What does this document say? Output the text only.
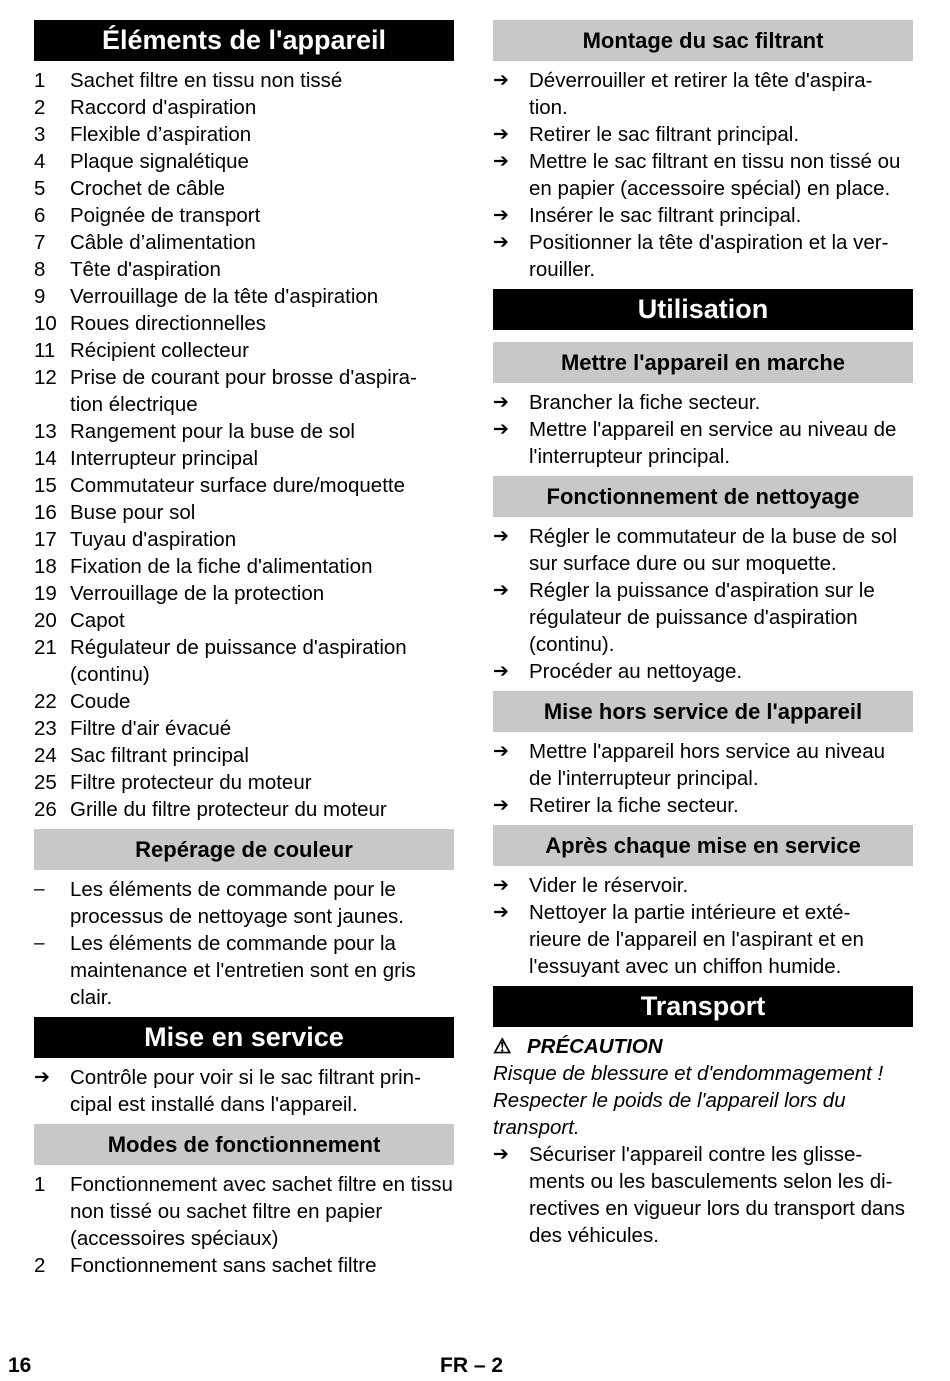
Éléments de l'appareil
1	Sachet filtre en tissu non tissé
2	Raccord d'aspiration
3	Flexible d’aspiration
4	Plaque signalétique
5	Crochet de câble
6	Poignée de transport
7	Câble d’alimentation
8	Tête d'aspiration
9	Verrouillage de la tête d'aspiration
10 Roues directionnelles
11 Récipient collecteur
12 Prise de courant pour brosse d'aspira-
tion électrique
13 Rangement pour la buse de sol
14 Interrupteur principal
15 Commutateur surface dure/moquette
16 Buse pour sol
17 Tuyau d'aspiration
18 Fixation de la fiche d'alimentation
19 Verrouillage de la protection
20 Capot
21 Régulateur de puissance d'aspiration
(continu)
22 Coude
23 Filtre d'air évacué
24 Sac filtrant principal
25 Filtre protecteur du moteur
26 Grille du filtre protecteur du moteur
Repérage de couleur
–	Les éléments de commande pour le processus de nettoyage sont jaunes.
–	Les éléments de commande pour la maintenance et l'entretien sont en gris clair.
Mise en service
➔ Contrôle pour voir si le sac filtrant prin-
cipal est installé dans l'appareil.
Modes de fonctionnement
1	Fonctionnement avec sachet filtre en tissu non tissé ou sachet filtre en papier (accessoires spéciaux)
2	Fonctionnement sans sachet filtre
Montage du sac filtrant
➔ Déverrouiller et retirer la tête d'aspira-
tion.
➔ Retirer le sac filtrant principal.
➔ Mettre le sac filtrant en tissu non tissé ou en papier (accessoire spécial) en place.
➔ Insérer le sac filtrant principal.
➔ Positionner la tête d'aspiration et la ver-
rouiller.
Utilisation
Mettre l'appareil en marche
➔ Brancher la fiche secteur.
➔ Mettre l'appareil en service au niveau de l'interrupteur principal.
Fonctionnement de nettoyage
➔ Régler le commutateur de la buse de sol sur surface dure ou sur moquette.
➔ Régler la puissance d'aspiration sur le régulateur de puissance d'aspiration (continu).
➔ Procéder au nettoyage.
Mise hors service de l'appareil
➔ Mettre l'appareil hors service au niveau de l'interrupteur principal.
➔ Retirer la fiche secteur.
Après chaque mise en service
➔ Vider le réservoir.
➔ Nettoyer la partie intérieure et exté-
rieure de l'appareil en l'aspirant et en l'essuyant avec un chiffon humide.
Transport
⚠ PRÉCAUTION
Risque de blessure et d'endommagement ! Respecter le poids de l'appareil lors du transport.
➔ Sécuriser l'appareil contre les glisse-
ments ou les basculements selon les di-
rectives en vigueur lors du transport dans des véhicules.
16	FR – 2
